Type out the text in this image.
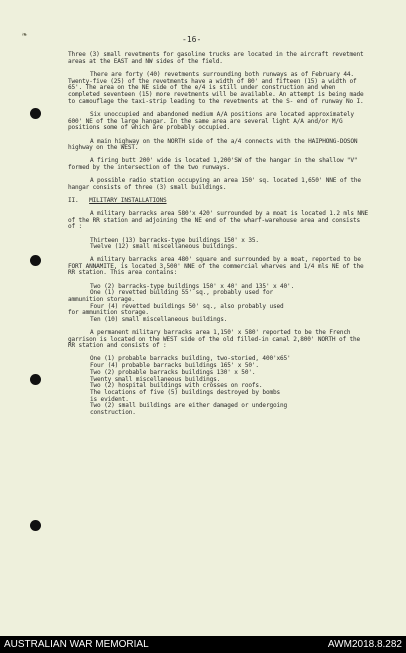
❧	-16-

Three (3) small revetments for gasoline trucks are located in the aircraft revetment areas at the EAST and NW sides of the field.

There are forty (40) revetments surrounding both runways as of February 44. Twenty-five (25) of the revetments have a width of 80' and fifteen (15) a width of 65'. The area on the NE side of the e/4 is still under construction and when completed seventeen (15) more revetments will be available. An attempt is being made to camouflage the taxi-strip leading to the revetments at the S- end of runway No I.

Six unoccupied and abandoned medium A/A positions are located approximately 600' NE of the large hangar. In the same area are several light A/A and/or M/G positions some of which are probably occupied.

A main highway on the NORTH side of the a/4 connects with the HAIPHONG-DOSON highway on the WEST.

A firing butt 200' wide is located 1,200'SW of the hangar in the shallow "V" formed by the intersection of the two runways.

A possible radio station occupying an area 150' sq. located 1,650' NNE of the hangar consists of three (3) small buildings.

II. MILITARY INSTALLATIONS

A military barracks area 580'x 420' surrounded by a moat is located 1.2 mls NNE of the RR station and adjoining the NE end of the wharf-warehouse area and consists of :

Thirteen (13) barracks-type buildings 150' x 35.
Twelve (12) small miscellaneous buildings.

A military barracks area 480' square and surrounded by a moat, reported to be FORT ANNAMITE, is located 3,500' NNE of the commercial wharves and 1/4 mls NE of the RR station. This area contains:

Two (2) barracks-type buildings 150' x 40' and 135' x 40'.
One (1) revetted building 55' sq., probably used for
ammunition storage.
Four (4) revetted buildings 50' sq., also probably used
for ammunition storage.
Ten (10) small miscellaneous buildings.

A permanent military barracks area 1,150' x 580' reported to be the French garrison is located on the WEST side of the old filled-in canal 2,800' NORTH of the RR station and consists of :

One (1) probable barracks building, two-storied, 400'x65'
Four (4) probable barracks buildings 165' x 50'.
Two (2) probable barracks buildings 130' x 50'.
Twenty small miscellaneous buildings.
Two (2) hospital buildings with crosses on roofs.
The locations of five (5) buildings destroyed by bombs
is evident.
Two (2) small buildings are either damaged or undergoing
construction.
AUSTRALIAN WAR MEMORIAL	AWM2018.8.282
